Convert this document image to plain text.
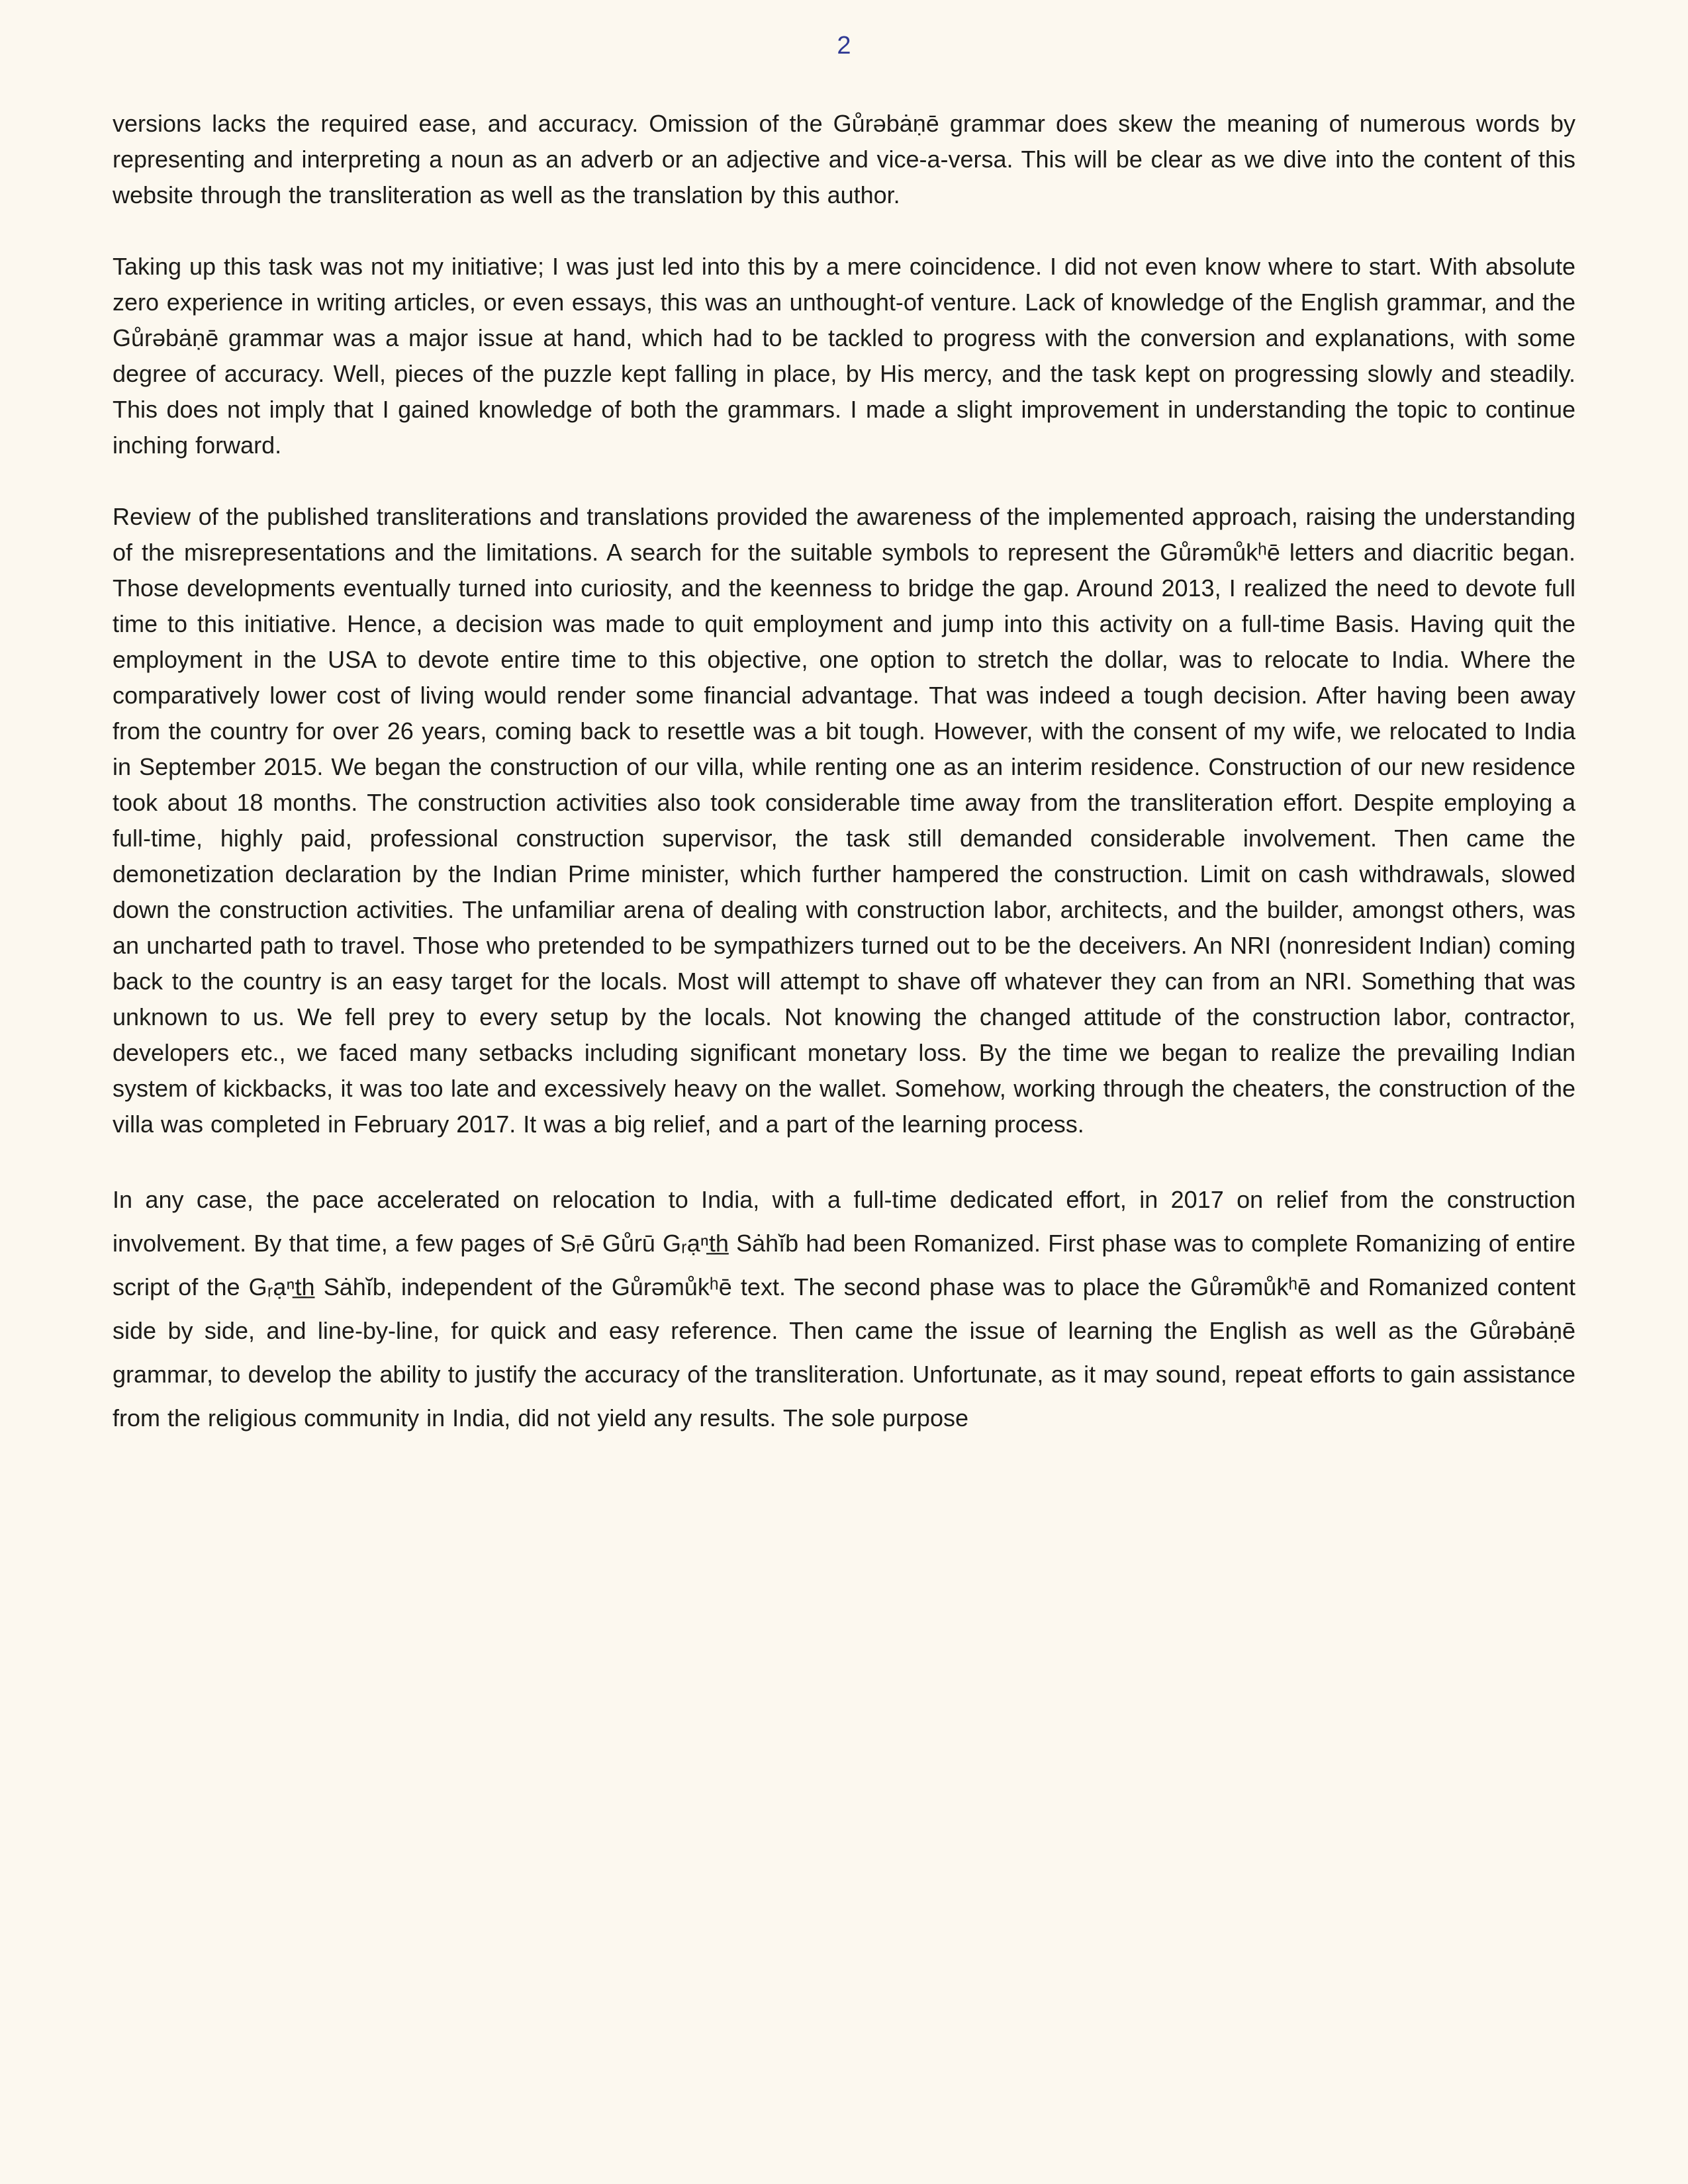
2

versions lacks the required ease, and accuracy. Omission of the Gůrəbȧṇē grammar does skew the meaning of numerous words by representing and interpreting a noun as an adverb or an adjective and vice-a-versa. This will be clear as we dive into the content of this website through the transliteration as well as the translation by this author.

Taking up this task was not my initiative; I was just led into this by a mere coincidence. I did not even know where to start. With absolute zero experience in writing articles, or even essays, this was an unthought-of venture. Lack of knowledge of the English grammar, and the Gůrəbȧṇē grammar was a major issue at hand, which had to be tackled to progress with the conversion and explanations, with some degree of accuracy. Well, pieces of the puzzle kept falling in place, by His mercy, and the task kept on progressing slowly and steadily. This does not imply that I gained knowledge of both the grammars. I made a slight improvement in understanding the topic to continue inching forward.

Review of the published transliterations and translations provided the awareness of the implemented approach, raising the understanding of the misrepresentations and the limitations. A search for the suitable symbols to represent the Gůrəmůkʰē letters and diacritic began. Those developments eventually turned into curiosity, and the keenness to bridge the gap. Around 2013, I realized the need to devote full time to this initiative. Hence, a decision was made to quit employment and jump into this activity on a full-time Basis. Having quit the employment in the USA to devote entire time to this objective, one option to stretch the dollar, was to relocate to India. Where the comparatively lower cost of living would render some financial advantage. That was indeed a tough decision. After having been away from the country for over 26 years, coming back to resettle was a bit tough. However, with the consent of my wife, we relocated to India in September 2015. We began the construction of our villa, while renting one as an interim residence. Construction of our new residence took about 18 months. The construction activities also took considerable time away from the transliteration effort. Despite employing a full-time, highly paid, professional construction supervisor, the task still demanded considerable involvement. Then came the demonetization declaration by the Indian Prime minister, which further hampered the construction. Limit on cash withdrawals, slowed down the construction activities. The unfamiliar arena of dealing with construction labor, architects, and the builder, amongst others, was an uncharted path to travel. Those who pretended to be sympathizers turned out to be the deceivers. An NRI (nonresident Indian) coming back to the country is an easy target for the locals. Most will attempt to shave off whatever they can from an NRI. Something that was unknown to us. We fell prey to every setup by the locals. Not knowing the changed attitude of the construction labor, contractor, developers etc., we faced many setbacks including significant monetary loss. By the time we began to realize the prevailing Indian system of kickbacks, it was too late and excessively heavy on the wallet. Somehow, working through the cheaters, the construction of the villa was completed in February 2017. It was a big relief, and a part of the learning process.

In any case, the pace accelerated on relocation to India, with a full-time dedicated effort, in 2017 on relief from the construction involvement. By that time, a few pages of Sᵣē Gůrū Gᵣạⁿt̲h̲ Sȧhĭb had been Romanized. First phase was to complete Romanizing of entire script of the Gᵣạⁿt̲h̲ Sȧhĭb, independent of the Gůrəmůkʰē text. The second phase was to place the Gůrəmůkʰē and Romanized content side by side, and line-by-line, for quick and easy reference. Then came the issue of learning the English as well as the Gůrəbȧṇē grammar, to develop the ability to justify the accuracy of the transliteration. Unfortunate, as it may sound, repeat efforts to gain assistance from the religious community in India, did not yield any results. The sole purpose
